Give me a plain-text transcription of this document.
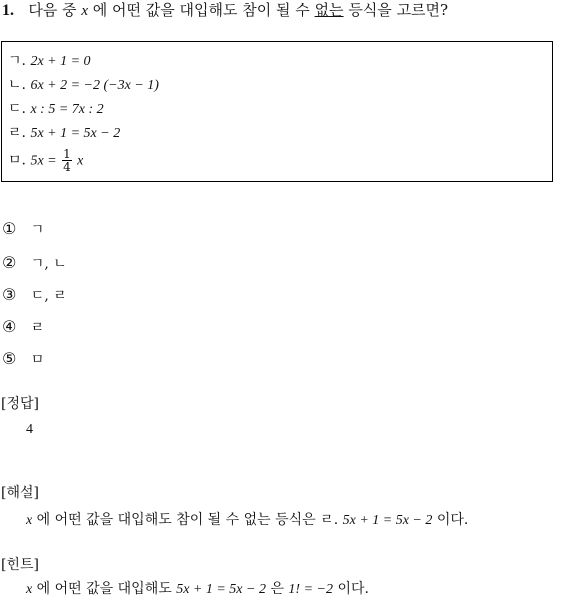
1. 다음 중 x 에 어떤 값을 대입해도 참이 될 수 없는 등식을 고르면?
ㄱ. 2x + 1 = 0
ㄴ. 6x + 2 = −2 (−3x − 1)
ㄷ. x : 5 = 7x : 2
ㄹ. 5x + 1 = 5x − 2
ㅁ. $5x = \frac{1}{4}$ x
① ㄱ
② ㄱ, ㄴ
③ ㄷ, ㄹ
④ ㄹ
⑤ ㅁ
[정답]
4
[해설]
x 에 어떤 값을 대입해도 참이 될 수 없는 등식은 ㄹ. 5x + 1 = 5x − 2 이다.
[힌트]
x 에 어떤 값을 대입해도 5x + 1 = 5x − 2 은 1! = −2 이다.
